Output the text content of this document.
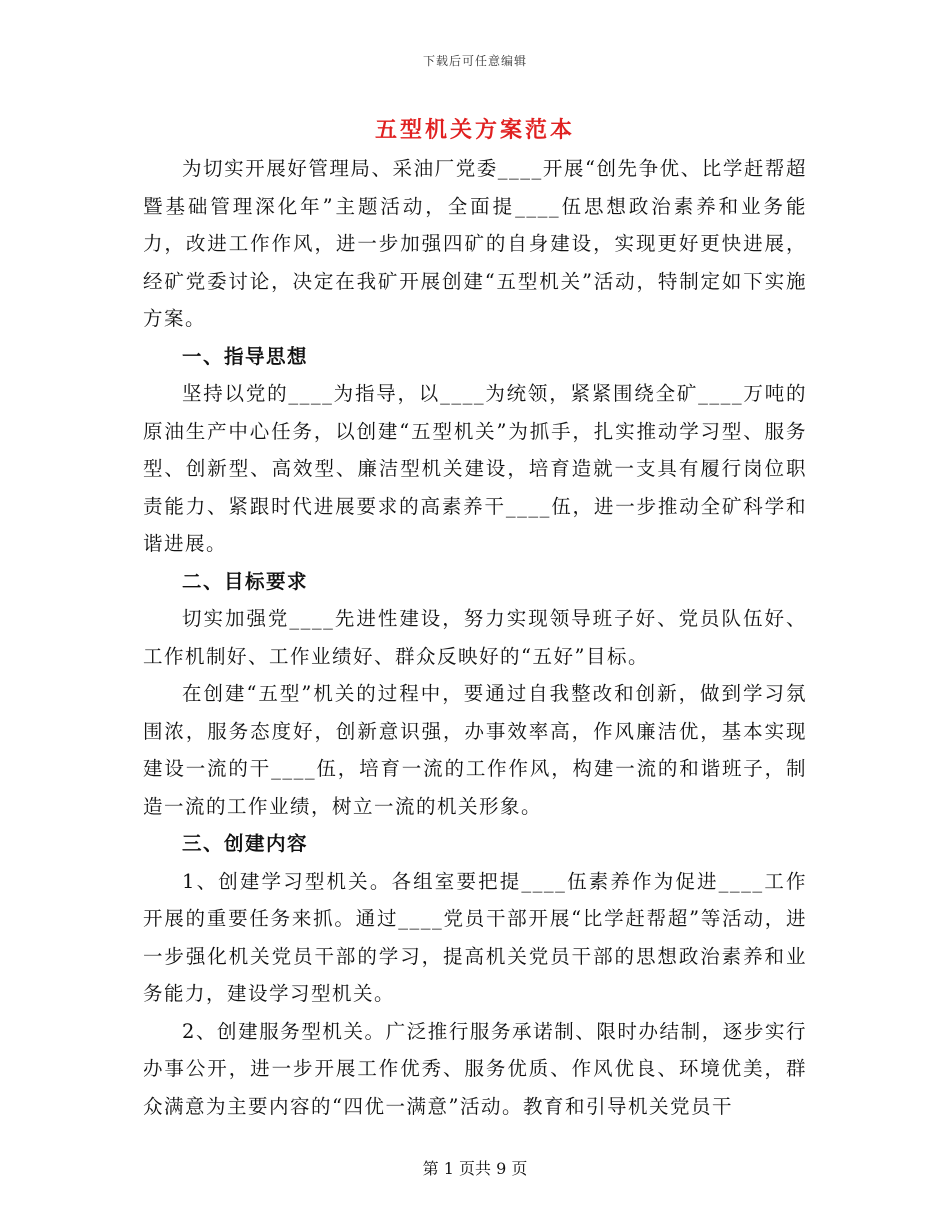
下载后可任意编辑
五型机关方案范本

为切实开展好管理局、采油厂党委____开展“创先争优、比学赶帮超暨基础管理深化年”主题活动，全面提____伍思想政治素养和业务能力，改进工作作风，进一步加强四矿的自身建设，实现更好更快进展，经矿党委讨论，决定在我矿开展创建“五型机关”活动，特制定如下实施方案。

一、指导思想

坚持以党的____为指导，以____为统领，紧紧围绕全矿____万吨的原油生产中心任务，以创建“五型机关”为抓手，扎实推动学习型、服务型、创新型、高效型、廉洁型机关建设，培育造就一支具有履行岗位职责能力、紧跟时代进展要求的高素养干____伍，进一步推动全矿科学和谐进展。

二、目标要求

切实加强党____先进性建设，努力实现领导班子好、党员队伍好、工作机制好、工作业绩好、群众反映好的“五好”目标。

在创建“五型”机关的过程中，要通过自我整改和创新，做到学习氛围浓，服务态度好，创新意识强，办事效率高，作风廉洁优，基本实现建设一流的干____伍，培育一流的工作作风，构建一流的和谐班子，制造一流的工作业绩，树立一流的机关形象。

三、创建内容

1、创建学习型机关。各组室要把提____伍素养作为促进____工作开展的重要任务来抓。通过____党员干部开展“比学赶帮超”等活动，进一步强化机关党员干部的学习，提高机关党员干部的思想政治素养和业务能力，建设学习型机关。

2、创建服务型机关。广泛推行服务承诺制、限时办结制，逐步实行办事公开，进一步开展工作优秀、服务优质、作风优良、环境优美，群众满意为主要内容的“四优一满意”活动。教育和引导机关党员干

第 1 页共 9 页
